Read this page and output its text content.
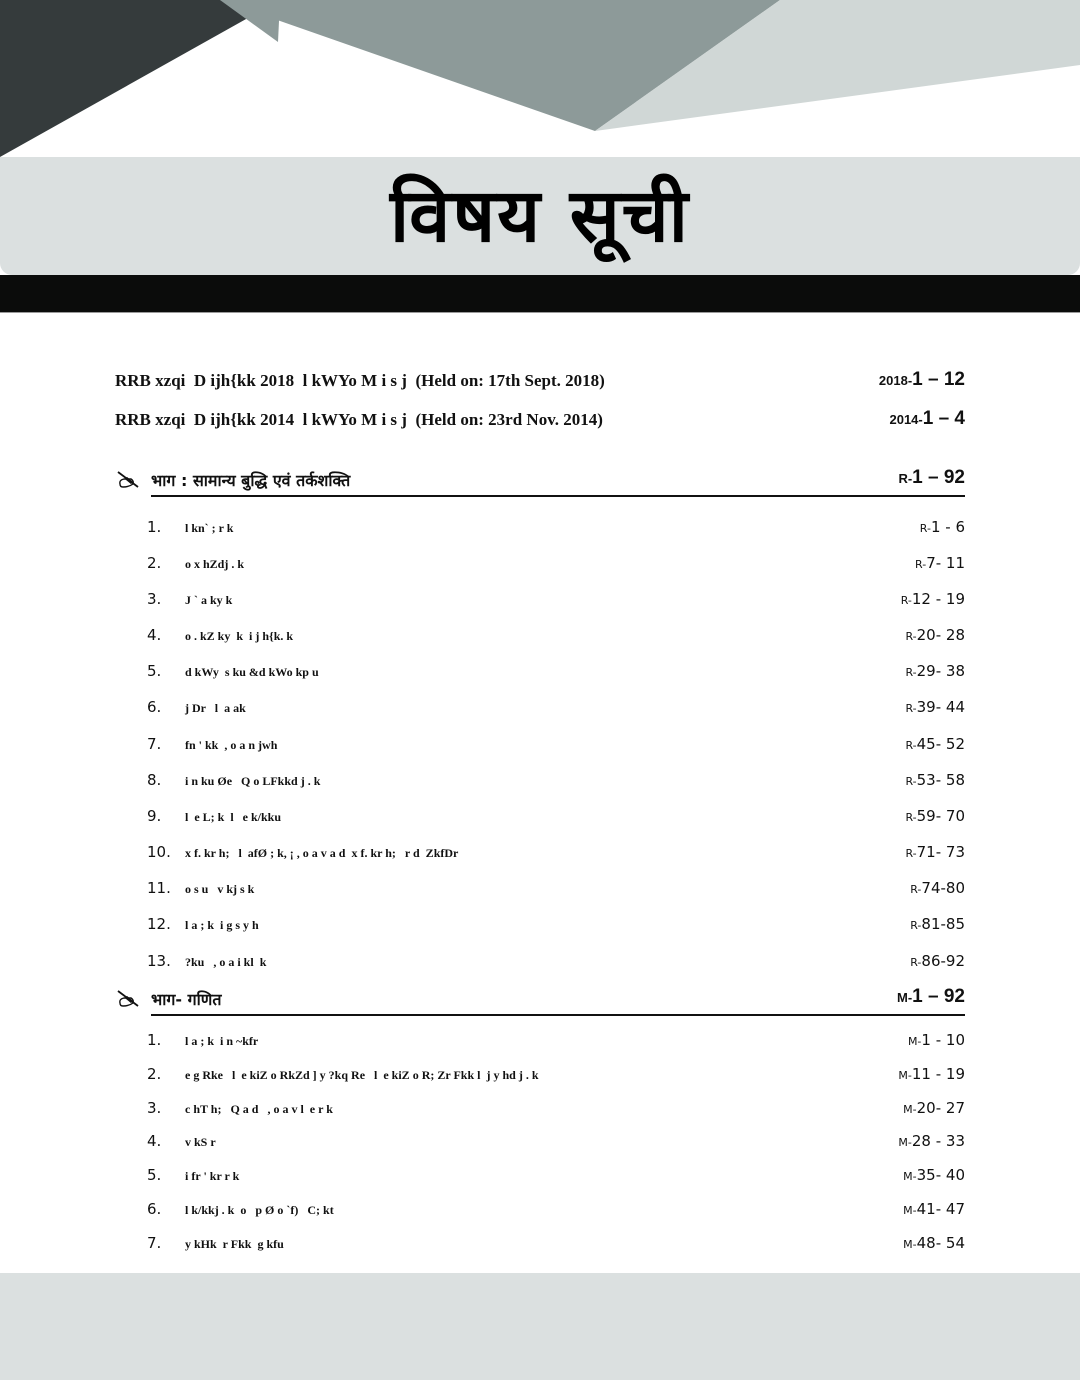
विषय सूची
RRB xzqi  D ijh{kk 2018  l kWYo M i s j  (Held on: 17th Sept. 2018)	2018-1 – 12
RRB xzqi  D ijh{kk 2014  l kWYo M i s j  (Held on: 23rd Nov. 2014)	2014-1 – 4
भाग : सामान्य बुद्धि एवं तर्कशक्ति	R-1 – 92
1. l kn` ; r k	R-1 - 6
2. o x hZdj . k	R-7- 11
3. J ` a ky k	R-12 - 19
4. o . kZ ky  k  i j h{k. k	R-20- 28
5. d kWy  s ku &d kWo kp u	R-29- 38
6. j Dr   l  a ak	R-39- 44
7. fn ' kk  , o a n jwh	R-45- 52
8. i n ku Øe   Q o LFkkd j . k	R-53- 58
9. l  e L; k  l   e k/kku	R-59- 70
10. x f. kr h;   l  afØ ; k, ¡ , o a v a d  x f. kr h;   r d  ZkfDr	R-71- 73
11. o s u   v kj s k	R-74-80
12. l a ; k  i g s y h	R-81-85
13. ?ku   , o a i kl  k	R-86-92
भाग- गणित	M-1 – 92
1. l a ; k  i n ~kfr	M-1 - 10
2. e g Rke   l  e kiZ o RkZd ] y ?kq Re   l  e kiZ o R; Zr Fkk l  j y hd j . k	M-11 - 19
3. c hT h;   Q a d   , o a v l  e r k	M-20- 27
4. v kS r	M-28 - 33
5. i fr ' kr r k	M-35- 40
6. l k/kkj . k  o   p Ø o `f)   C; kt	M-41- 47
7. y kHk  r Fkk  g kfu	M-48- 54
